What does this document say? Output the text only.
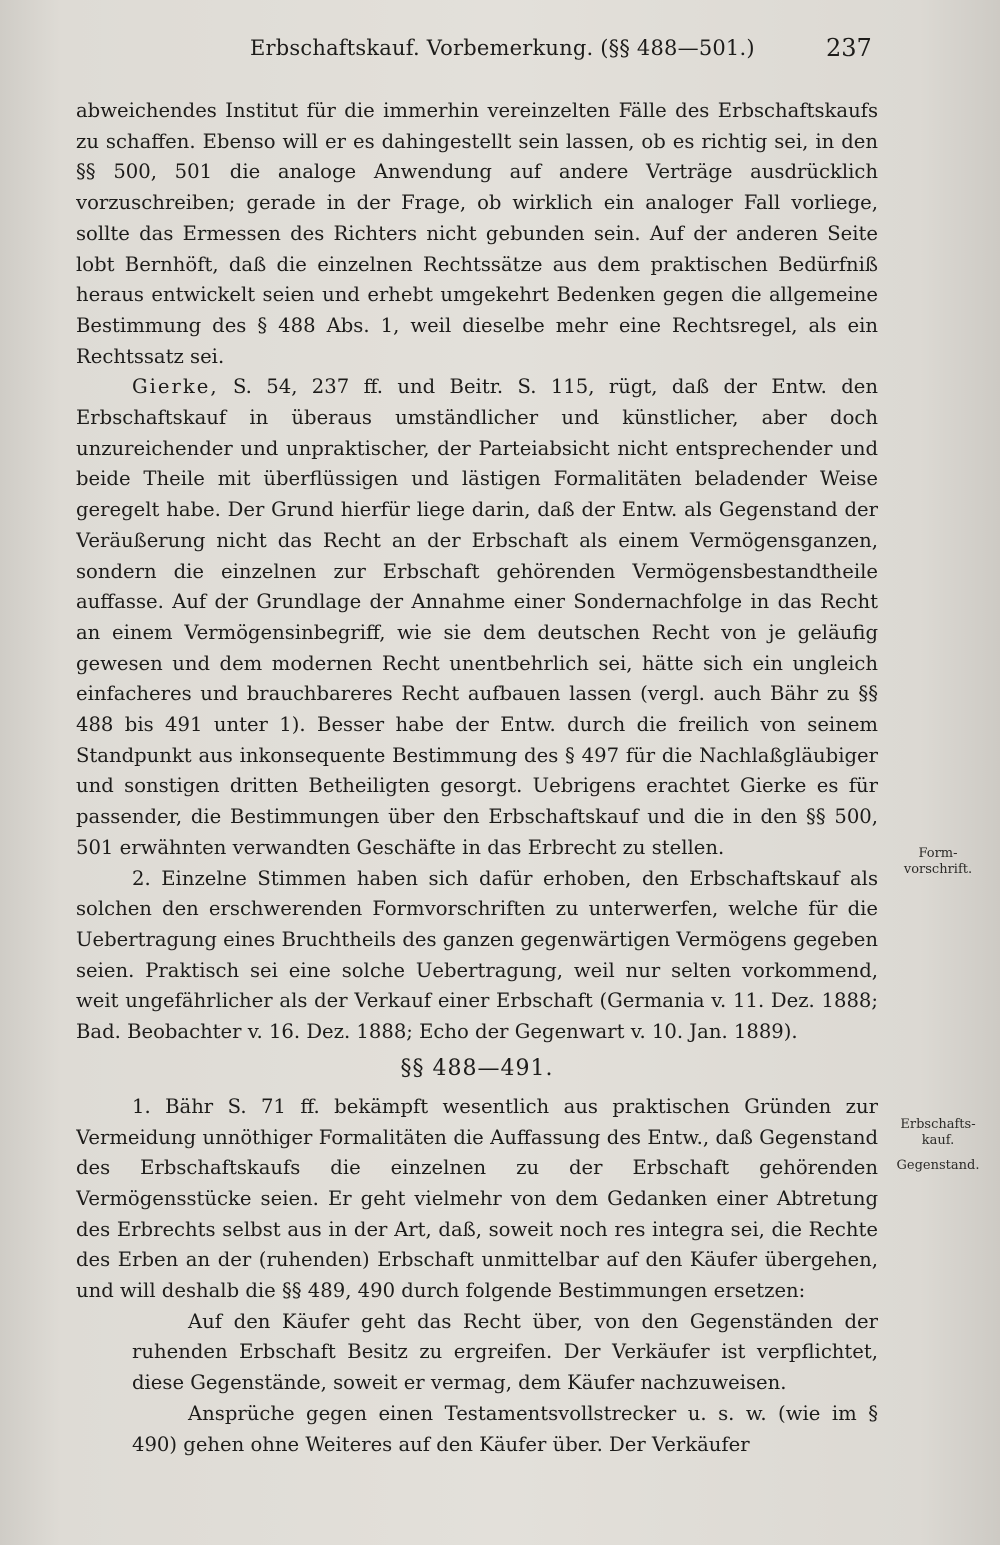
Erbschaftskauf. Vorbemerkung. (§§ 488—501.)	237

Form-vorschrift.
Erbschafts-kauf.
Gegenstand.

abweichendes Institut für die immerhin vereinzelten Fälle des Erbschaftskaufs zu schaffen. Ebenso will er es dahingestellt sein lassen, ob es richtig sei, in den §§ 500, 501 die analoge Anwendung auf andere Verträge ausdrücklich vorzuschreiben; gerade in der Frage, ob wirklich ein analoger Fall vorliege, sollte das Ermessen des Richters nicht gebunden sein. Auf der anderen Seite lobt Bernhöft, daß die einzelnen Rechtssätze aus dem praktischen Bedürfniß heraus entwickelt seien und erhebt umgekehrt Bedenken gegen die allgemeine Bestimmung des § 488 Abs. 1, weil dieselbe mehr eine Rechtsregel, als ein Rechtssatz sei.

Gierke, S. 54, 237 ff. und Beitr. S. 115, rügt, daß der Entw. den Erbschaftskauf in überaus umständlicher und künstlicher, aber doch unzureichender und unpraktischer, der Parteiabsicht nicht entsprechender und beide Theile mit überflüssigen und lästigen Formalitäten beladender Weise geregelt habe. Der Grund hierfür liege darin, daß der Entw. als Gegenstand der Veräußerung nicht das Recht an der Erbschaft als einem Vermögensganzen, sondern die einzelnen zur Erbschaft gehörenden Vermögensbestandtheile auffasse. Auf der Grundlage der Annahme einer Sondernachfolge in das Recht an einem Vermögensinbegriff, wie sie dem deutschen Recht von je geläufig gewesen und dem modernen Recht unentbehrlich sei, hätte sich ein ungleich einfacheres und brauchbareres Recht aufbauen lassen (vergl. auch Bähr zu §§ 488 bis 491 unter 1). Besser habe der Entw. durch die freilich von seinem Standpunkt aus inkonsequente Bestimmung des § 497 für die Nachlaßgläubiger und sonstigen dritten Betheiligten gesorgt. Uebrigens erachtet Gierke es für passender, die Bestimmungen über den Erbschaftskauf und die in den §§ 500, 501 erwähnten verwandten Geschäfte in das Erbrecht zu stellen.

2. Einzelne Stimmen haben sich dafür erhoben, den Erbschaftskauf als solchen den erschwerenden Formvorschriften zu unterwerfen, welche für die Uebertragung eines Bruchtheils des ganzen gegenwärtigen Vermögens gegeben seien. Praktisch sei eine solche Uebertragung, weil nur selten vorkommend, weit ungefährlicher als der Verkauf einer Erbschaft (Germania v. 11. Dez. 1888; Bad. Beobachter v. 16. Dez. 1888; Echo der Gegenwart v. 10. Jan. 1889).

§§ 488—491.

1. Bähr S. 71 ff. bekämpft wesentlich aus praktischen Gründen zur Vermeidung unnöthiger Formalitäten die Auffassung des Entw., daß Gegenstand des Erbschaftskaufs die einzelnen zu der Erbschaft gehörenden Vermögensstücke seien. Er geht vielmehr von dem Gedanken einer Abtretung des Erbrechts selbst aus in der Art, daß, soweit noch res integra sei, die Rechte des Erben an der (ruhenden) Erbschaft unmittelbar auf den Käufer übergehen, und will deshalb die §§ 489, 490 durch folgende Bestimmungen ersetzen:

Auf den Käufer geht das Recht über, von den Gegenständen der ruhenden Erbschaft Besitz zu ergreifen. Der Verkäufer ist verpflichtet, diese Gegenstände, soweit er vermag, dem Käufer nachzuweisen.

Ansprüche gegen einen Testamentsvollstrecker u. s. w. (wie im § 490) gehen ohne Weiteres auf den Käufer über. Der Verkäufer
